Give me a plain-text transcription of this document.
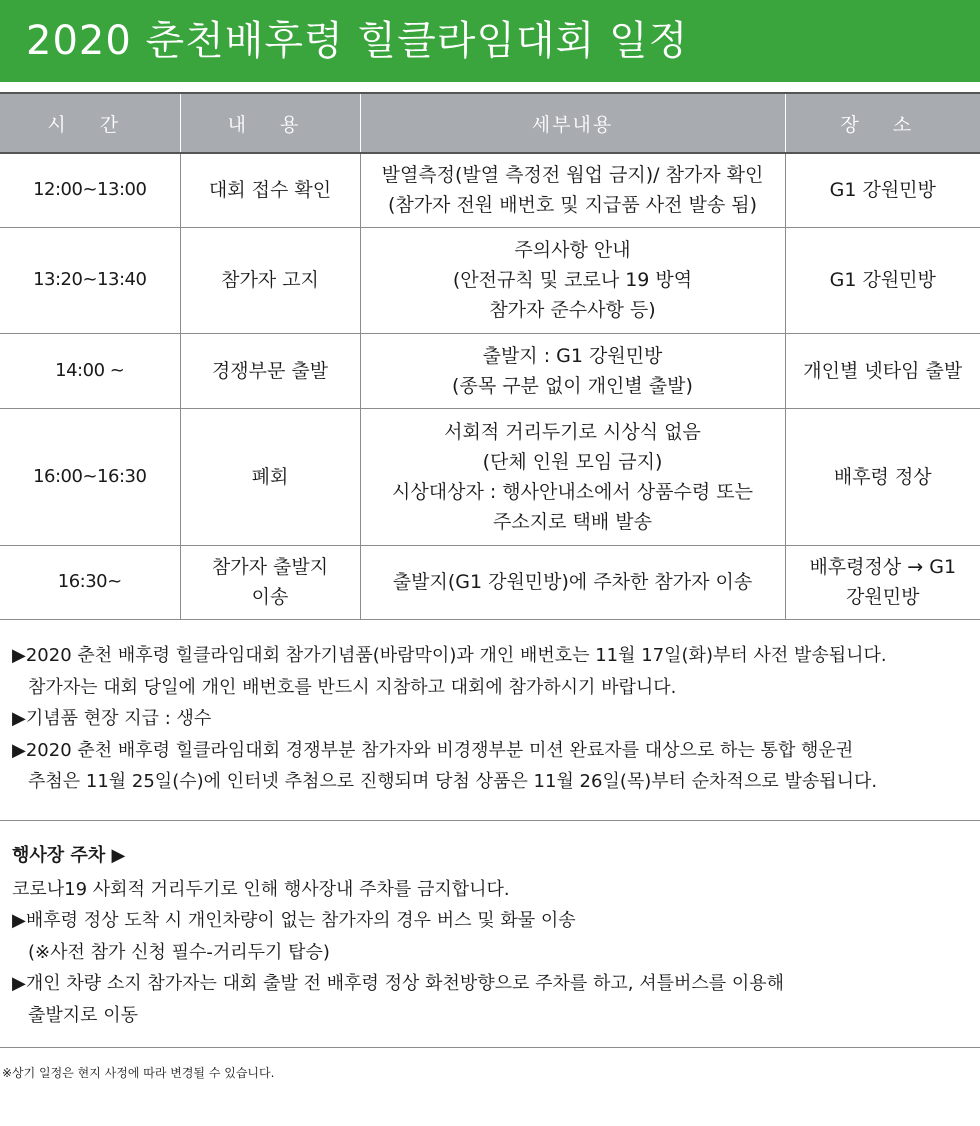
2020 춘천배후령 힐클라임대회 일정
시 간	내 용	세부내용	장 소
12:00~13:00	대회 접수 확인	발열측정(발열 측정전 웜업 금지)/ 참가자 확인
(참가자 전원 배번호 및 지급품 사전 발송 됨)	G1 강원민방

13:20~13:40	참가자 고지	주의사항 안내
(안전규칙 및 코로나 19 방역
참가자 준수사항 등)	G1 강원민방

14:00 ~	경쟁부문 출발	출발지 : G1 강원민방
(종목 구분 없이 개인별 출발)	개인별 넷타임 출발

16:00~16:30	폐회	서회적 거리두기로 시상식 없음
(단체 인원 모임 금지)
시상대상자 : 행사안내소에서 상품수령 또는
주소지로 택배 발송	배후령 정상

16:30~	참가자 출발지 이송	출발지(G1 강원민방)에 주차한 참가자 이송	배후령정상 → G1
강원민방

▶2020 춘천 배후령 힐클라임대회 참가기념품(바람막이)과 개인 배번호는 11월 17일(화)부터 사전 발송됩니다.

참가자는 대회 당일에 개인 배번호를 반드시 지참하고 대회에 참가하시기 바랍니다.

▶기념품 현장 지급 : 생수

▶2020 춘천 배후령 힐클라임대회 경쟁부분 참가자와 비경쟁부분 미션 완료자를 대상으로 하는 통합 행운권

추첨은 11월 25일(수)에 인터넷 추첨으로 진행되며 당첨 상품은 11월 26일(목)부터 순차적으로 발송됩니다.

행사장 주차 ▶

코로나19 사회적 거리두기로 인해 행사장내 주차를 금지합니다.

▶배후령 정상 도착 시 개인차량이 없는 참가자의 경우 버스 및 화물 이송

(※사전 참가 신청 필수-거리두기 탑승)

▶개인 차량 소지 참가자는 대회 출발 전 배후령 정상 화천방향으로 주차를 하고, 셔틀버스를 이용해

출발지로 이동

※상기 일정은 현지 사정에 따라 변경될 수 있습니다.
